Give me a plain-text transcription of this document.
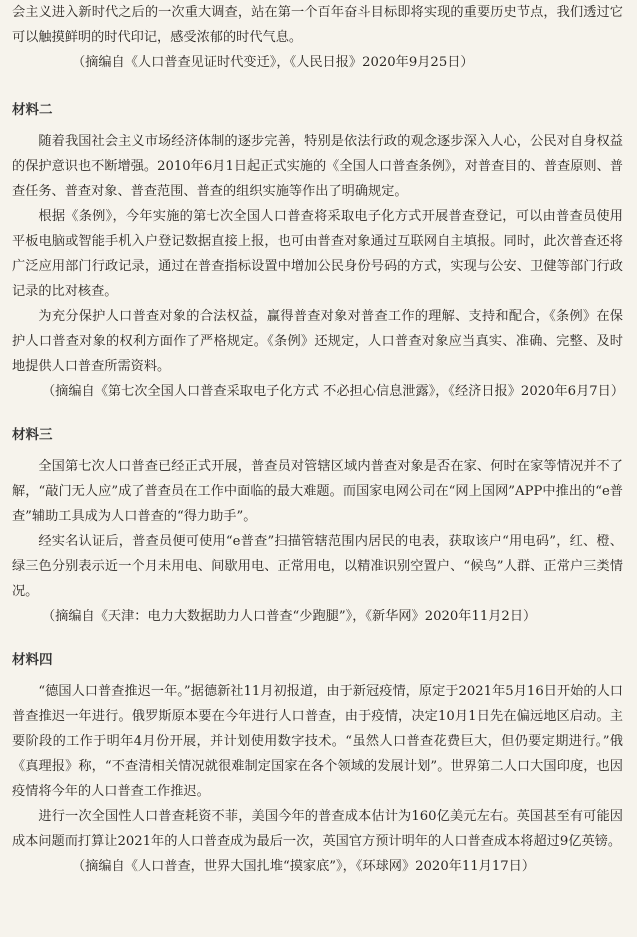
会主义进入新时代之后的一次重大调查，站在第一个百年奋斗目标即将实现的重要历史节点，我们透过它可以触摸鲜明的时代印记，感受浓郁的时代气息。

（摘编自《人口普查见证时代变迁》，《人民日报》2020年9月25日）

材料二

随着我国社会主义市场经济体制的逐步完善，特别是依法行政的观念逐步深入人心，公民对自身权益的保护意识也不断增强。2010年6月1日起正式实施的《全国人口普查条例》，对普查目的、普查原则、普查任务、普查对象、普查范围、普查的组织实施等作出了明确规定。

根据《条例》，今年实施的第七次全国人口普查将采取电子化方式开展普查登记，可以由普查员使用平板电脑或智能手机入户登记数据直接上报，也可由普查对象通过互联网自主填报。同时，此次普查还将广泛应用部门行政记录，通过在普查指标设置中增加公民身份号码的方式，实现与公安、卫健等部门行政记录的比对核查。

为充分保护人口普查对象的合法权益，赢得普查对象对普查工作的理解、支持和配合，《条例》在保护人口普查对象的权利方面作了严格规定。《条例》还规定，人口普查对象应当真实、准确、完整、及时地提供人口普查所需资料。

（摘编自《第七次全国人口普查采取电子化方式 不必担心信息泄露》，《经济日报》2020年6月7日）

材料三

全国第七次人口普查已经正式开展，普查员对管辖区域内普查对象是否在家、何时在家等情况并不了解，“敲门无人应”成了普查员在工作中面临的最大难题。而国家电网公司在“网上国网”APP中推出的“e普查”辅助工具成为人口普查的“得力助手”。

经实名认证后，普查员便可使用“e普查”扫描管辖范围内居民的电表，获取该户“用电码”，红、橙、绿三色分别表示近一个月未用电、间歇用电、正常用电，以精准识别空置户、“候鸟”人群、正常户三类情况。

（摘编自《天津：电力大数据助力人口普查“少跑腿”》，《新华网》2020年11月2日）

材料四

“德国人口普查推迟一年。”据德新社11月初报道，由于新冠疫情，原定于2021年5月16日开始的人口普查推迟一年进行。俄罗斯原本要在今年进行人口普查，由于疫情，决定10月1日先在偏远地区启动。主要阶段的工作于明年4月份开展，并计划使用数字技术。“虽然人口普查花费巨大，但仍要定期进行。”俄《真理报》称，“不查清相关情况就很难制定国家在各个领域的发展计划”。世界第二人口大国印度，也因疫情将今年的人口普查工作推迟。

进行一次全国性人口普查耗资不菲，美国今年的普查成本估计为160亿美元左右。英国甚至有可能因成本问题而打算让2021年的人口普查成为最后一次，英国官方预计明年的人口普查成本将超过9亿英镑。

（摘编自《人口普查，世界大国扎堆“摸家底”》，《环球网》2020年11月17日）
